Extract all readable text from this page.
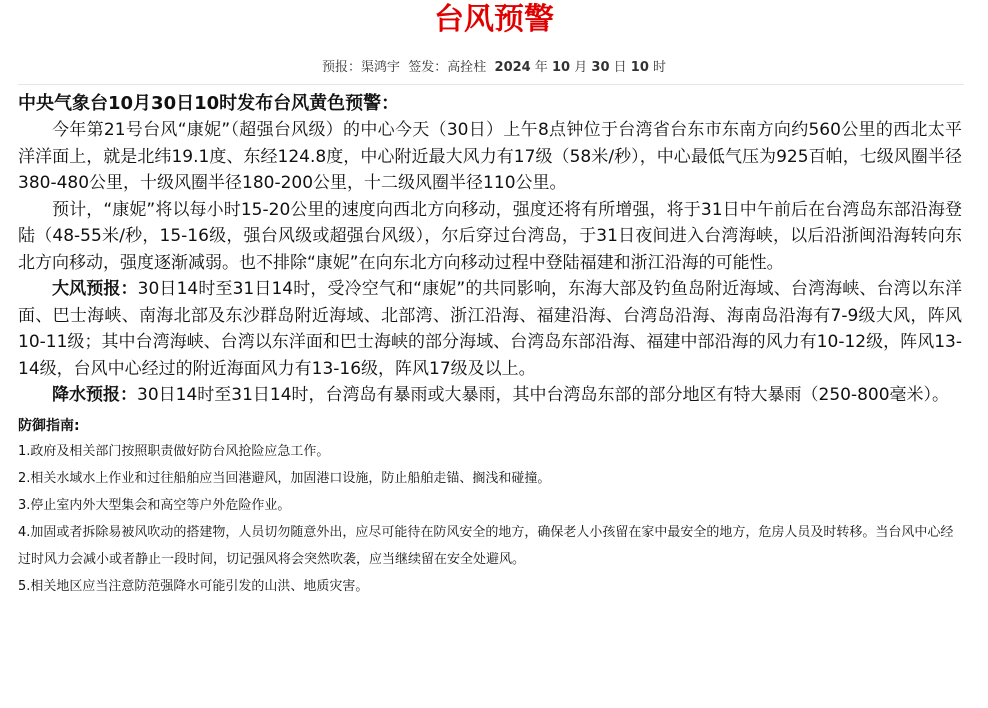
台风预警
预报：渠鸿宇 签发：高拴柱 2024 年 10 月 30 日 10 时
中央气象台10月30日10时发布台风黄色预警：

今年第21号台风“康妮”（超强台风级）的中心今天（30日）上午8点钟位于台湾省台东市东南方向约560公里的西北太平洋洋面上，就是北纬19.1度、东经124.8度，中心附近最大风力有17级（58米/秒），中心最低气压为925百帕，七级风圈半径380-480公里，十级风圈半径180-200公里，十二级风圈半径110公里。

预计，“康妮”将以每小时15-20公里的速度向西北方向移动，强度还将有所增强，将于31日中午前后在台湾岛东部沿海登陆（48-55米/秒，15-16级，强台风级或超强台风级），尔后穿过台湾岛，于31日夜间进入台湾海峡，以后沿浙闽沿海转向东北方向移动，强度逐渐减弱。也不排除“康妮”在向东北方向移动过程中登陆福建和浙江沿海的可能性。

大风预报：30日14时至31日14时，受冷空气和“康妮”的共同影响，东海大部及钓鱼岛附近海域、台湾海峡、台湾以东洋面、巴士海峡、南海北部及东沙群岛附近海域、北部湾、浙江沿海、福建沿海、台湾岛沿海、海南岛沿海有7-9级大风，阵风10-11级；其中台湾海峡、台湾以东洋面和巴士海峡的部分海域、台湾岛东部沿海、福建中部沿海的风力有10-12级，阵风13-14级，台风中心经过的附近海面风力有13-16级，阵风17级及以上。

降水预报：30日14时至31日14时，台湾岛有暴雨或大暴雨，其中台湾岛东部的部分地区有特大暴雨（250-800毫米）。

防御指南:
1.政府及相关部门按照职责做好防台风抢险应急工作。
2.相关水域水上作业和过往船舶应当回港避风，加固港口设施，防止船舶走锚、搁浅和碰撞。
3.停止室内外大型集会和高空等户外危险作业。
4.加固或者拆除易被风吹动的搭建物，人员切勿随意外出，应尽可能待在防风安全的地方，确保老人小孩留在家中最安全的地方，危房人员及时转移。当台风中心经过时风力会减小或者静止一段时间，切记强风将会突然吹袭，应当继续留在安全处避风。
5.相关地区应当注意防范强降水可能引发的山洪、地质灾害。
